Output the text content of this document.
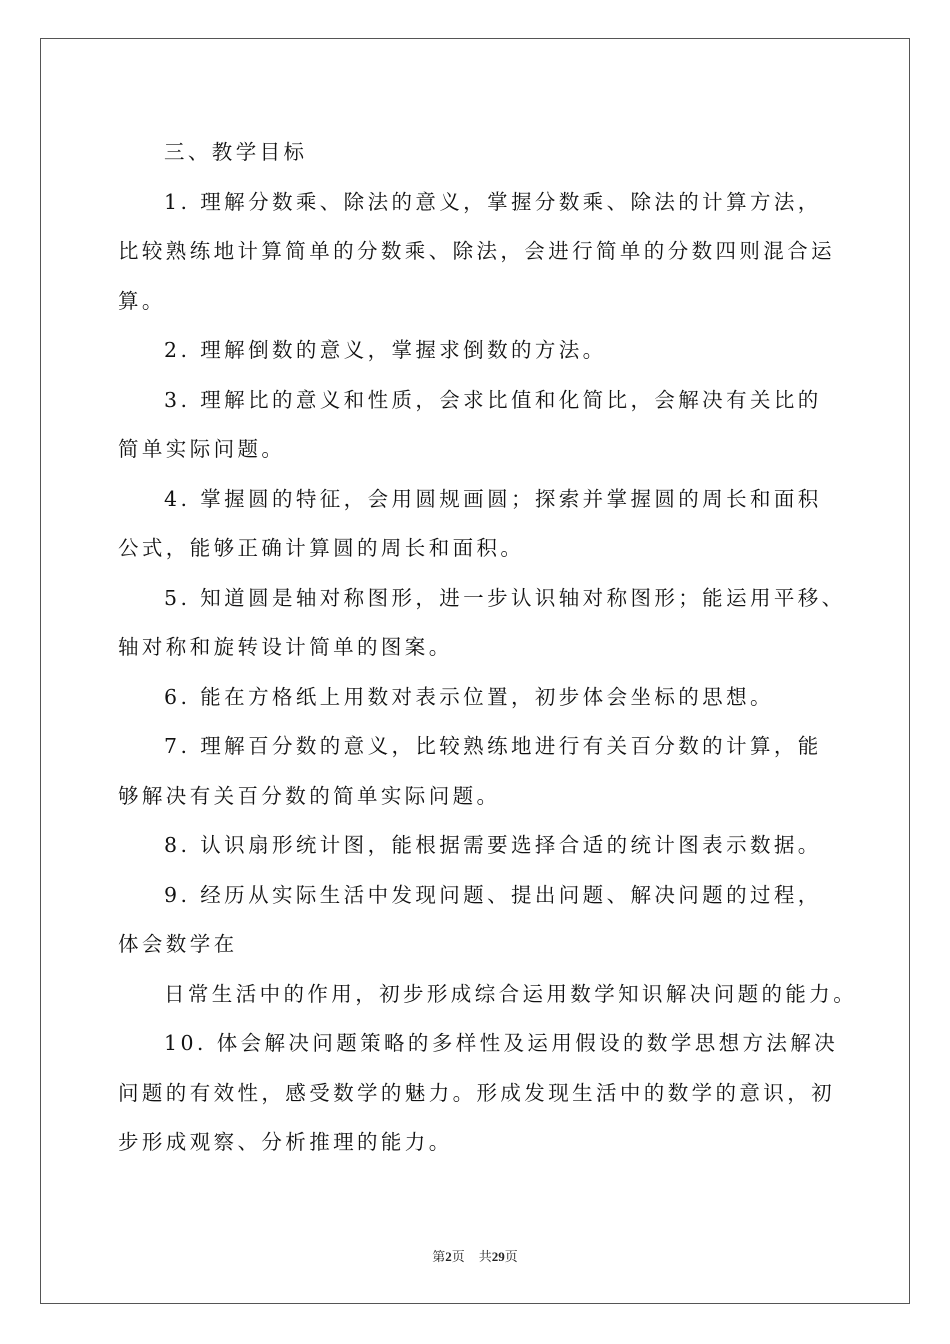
三、教学目标
1. 理解分数乘、除法的意义，掌握分数乘、除法的计算方法，
比较熟练地计算简单的分数乘、除法，会进行简单的分数四则混合运
算。
2. 理解倒数的意义，掌握求倒数的方法。
3. 理解比的意义和性质，会求比值和化简比，会解决有关比的
简单实际问题。
4. 掌握圆的特征，会用圆规画圆；探索并掌握圆的周长和面积
公式，能够正确计算圆的周长和面积。
5. 知道圆是轴对称图形，进一步认识轴对称图形；能运用平移、
轴对称和旋转设计简单的图案。
6. 能在方格纸上用数对表示位置，初步体会坐标的思想。
7. 理解百分数的意义，比较熟练地进行有关百分数的计算，能
够解决有关百分数的简单实际问题。
8. 认识扇形统计图，能根据需要选择合适的统计图表示数据。
9. 经历从实际生活中发现问题、提出问题、解决问题的过程，
体会数学在
日常生活中的作用，初步形成综合运用数学知识解决问题的能力。
10. 体会解决问题策略的多样性及运用假设的数学思想方法解决
问题的有效性，感受数学的魅力。形成发现生活中的数学的意识，初
步形成观察、分析推理的能力。
第2页 共29页
